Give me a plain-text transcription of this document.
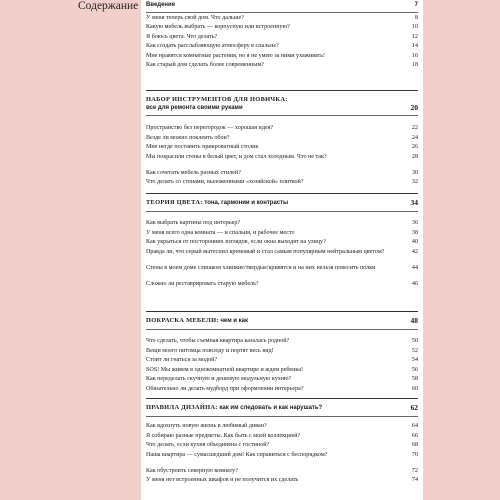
Содержание Введение	7
У меня теперь свой дом. Что дальше?	8
Какую мебель выбрать — корпусную или встроенную?	10
Я боюсь цвета. Что делать?	12
Как создать расслабляющую атмосферу в спальне?	14
Мне нравятся комнатные растения, но я не умею за ними ухаживать!	16
Как старый дом сделать более современным?	18
НАБОР ИНСТРУМЕНТОВ ДЛЯ НОВИЧКА:
все для ремонта своими руками	20
Пространство без перегородок — хорошая идея?	22
Везде ли можно поклеить обои?	24
Мне негде поставить прикроватный столик	26
Мы покрасили стены в белый цвет, и дом стал холодным. Что не так?	28
Как сочетать мебель разных стилей?	30
Что делать со стенами, выложенными «хозяйской» плиткой?	32
ТЕОРИЯ ЦВЕТА: тона, гармонии и контрасты	34
Как выбрать картины под интерьер?	36
У меня всего одна комната — и спальня, и рабочее место	38
Как укрыться от посторонних взглядов, если окна выходят на улицу?	40
Правда ли, что серый вытеснил кремовый и стал самым популярным нейтральным цветом?	42
Стены в моем доме слишком хлипкие/твердые/кривятся и на них нельзя повесить полки	44
Сложно ли реставрировать старую мебель?	46
ПОКРАСКА МЕБЕЛИ: чем и как	48
Что сделать, чтобы съемная квартира казалась родной?	50
Вещи моего питомца повсюду и портят весь вид!	52
Стоит ли гнаться за модой?	54
SOS! Мы живем в однокомнатной квартире и ждем ребенка!	56
Как переделать скучную и дешевую модульную кухню?	58
Обязательно ли делать мудборд при оформлении интерьера?	60
ПРАВИЛА ДИЗАЙНА: как им следовать и как нарушать?	62
Как вдохнуть новую жизнь в любимый диван?	64
Я собираю разные предметы. Как быть с моей коллекцией?	66
Что делать, если кухня объединена с гостиной?	68
Наша квартира — сумасшедший дом! Как справиться с беспорядком?	70
Как обустроить северную комнату?	72
У меня нет встроенных шкафов и не получится их сделать	74
